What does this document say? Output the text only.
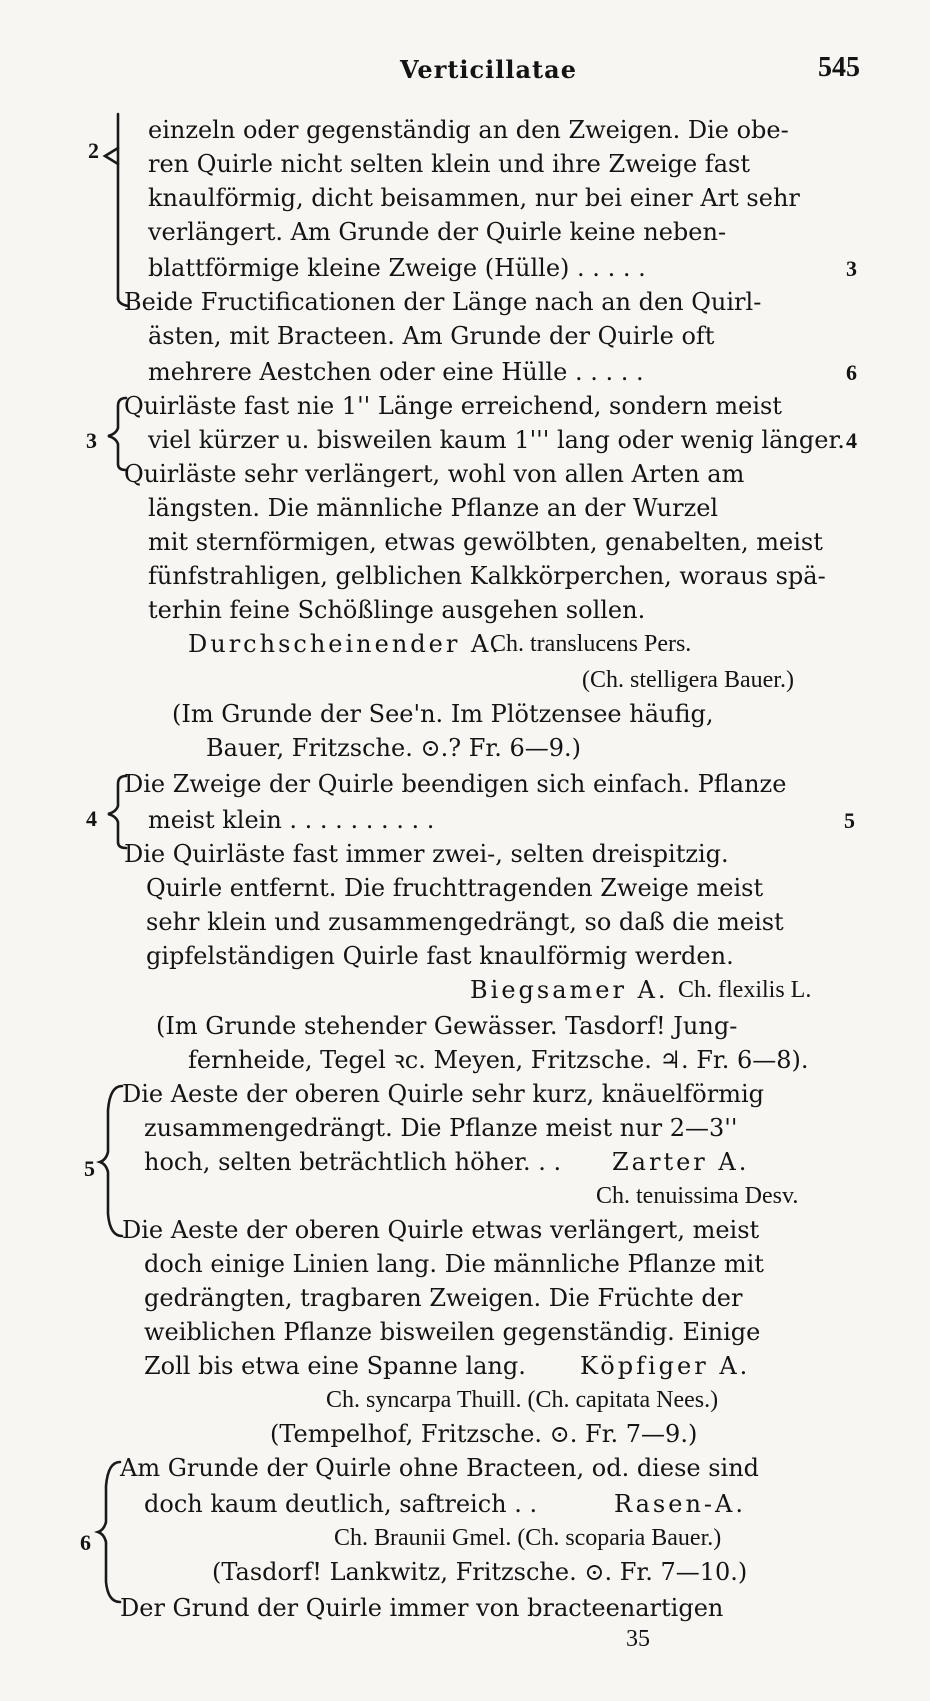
Verticillatae	545
2
einzeln oder gegenständig an den Zweigen. Die obe-
ren Quirle nicht selten klein und ihre Zweige fast
knaulförmig, dicht beisammen, nur bei einer Art sehr
verlängert. Am Grunde der Quirle keine neben-
blattförmige kleine Zweige (Hülle) . . . . .	3
Beide Fructificationen der Länge nach an den Quirl-
ästen, mit Bracteen. Am Grunde der Quirle oft
mehrere Aestchen oder eine Hülle . . . . .	6
3
Quirläste fast nie 1'' Länge erreichend, sondern meist
viel kürzer u. bisweilen kaum 1''' lang oder wenig länger. 4
Quirläste sehr verlängert, wohl von allen Arten am
längsten. Die männliche Pflanze an der Wurzel
mit sternförmigen, etwas gewölbten, genabelten, meist
fünfstrahligen, gelblichen Kalkkörperchen, woraus spä-
terhin feine Schößlinge ausgehen sollen.
Durchscheinender A.
Ch. translucens Pers.
(Ch. stelligera Bauer.)
(Im Grunde der See'n. Im Plötzensee häufig,
Bauer, Fritzsche. ⊙.? Fr. 6—9.)
4
Die Zweige der Quirle beendigen sich einfach. Pflanze
meist klein . . . . . . . . . .	5
Die Quirläste fast immer zwei-, selten dreispitzig.
Quirle entfernt. Die fruchttragenden Zweige meist
sehr klein und zusammengedrängt, so daß die meist
gipfelständigen Quirle fast knaulförmig werden.
Biegsamer A. Ch. flexilis L.
(Im Grunde stehender Gewässer. Tasdorf! Jung-
fernheide, Tegel ꝛc. Meyen, Fritzsche. ♃. Fr. 6—8).
5
Die Aeste der oberen Quirle sehr kurz, knäuelförmig
zusammengedrängt. Die Pflanze meist nur 2—3''
hoch, selten beträchtlich höher. . . Zarter A.
Ch. tenuissima Desv.
Die Aeste der oberen Quirle etwas verlängert, meist
doch einige Linien lang. Die männliche Pflanze mit
gedrängten, tragbaren Zweigen. Die Früchte der
weiblichen Pflanze bisweilen gegenständig. Einige
Zoll bis etwa eine Spanne lang. Köpfiger A.
Ch. syncarpa Thuill. (Ch. capitata Nees.)
(Tempelhof, Fritzsche. ⊙. Fr. 7—9.)
6
Am Grunde der Quirle ohne Bracteen, od. diese sind
doch kaum deutlich, saftreich . .	Rasen-A.
Ch. Braunii Gmel. (Ch. scoparia Bauer.)
(Tasdorf! Lankwitz, Fritzsche. ⊙. Fr. 7—10.)
Der Grund der Quirle immer von bracteenartigen
35
